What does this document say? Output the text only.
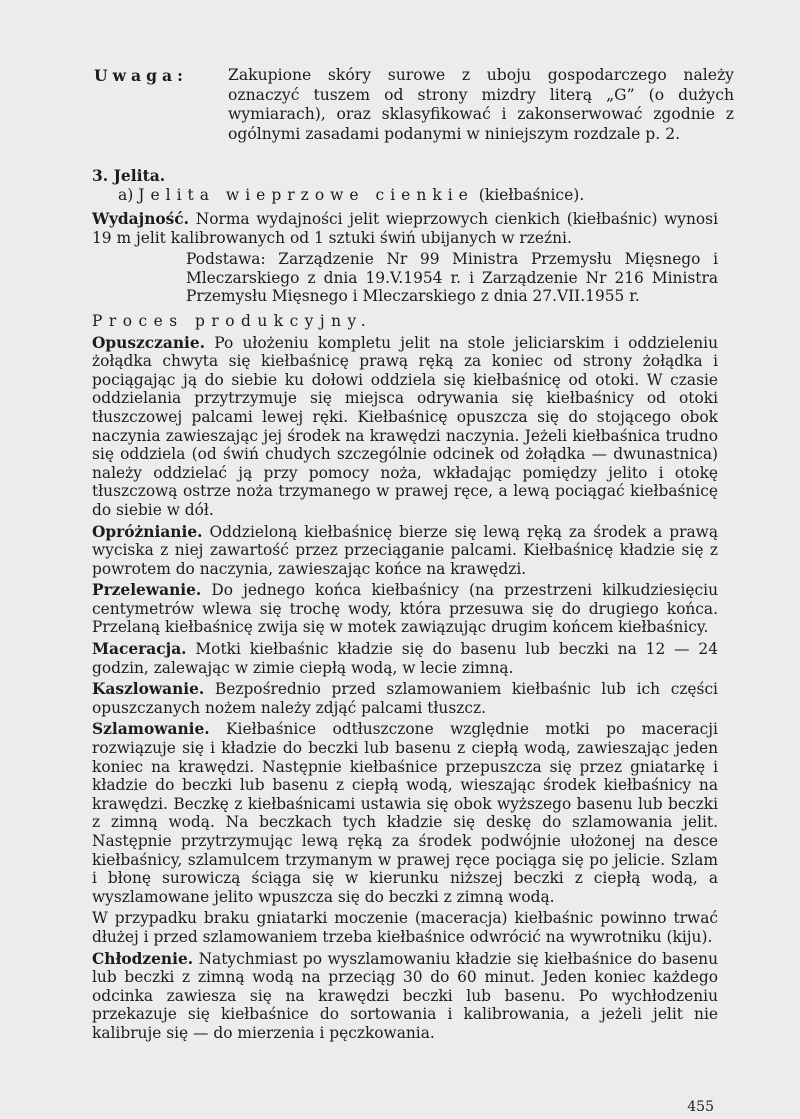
Uwaga:	Zakupione skóry surowe z uboju gospodarczego należy oznaczyć tuszem od strony mizdry literą „G” (o dużych wymiarach), oraz sklasyfikować i zakonserwować zgodnie z ogólnymi zasadami podanymi w niniejszym rozdzale p. 2.
3. Jelita.
a) Jelita wieprzowe cienkie (kiełbaśnice).

Wydajność. Norma wydajności jelit wieprzowych cienkich (kiełbaśnic) wynosi 19 m jelit kalibrowanych od 1 sztuki świń ubijanych w rzeźni.

Podstawa: Zarządzenie Nr 99 Ministra Przemysłu Mięsnego i Mleczarskiego z dnia 19.V.1954 r. i Zarządzenie Nr 216 Ministra Przemysłu Mięsnego i Mleczarskiego z dnia 27.VII.1955 r.

Proces produkcyjny.

Opuszczanie. Po ułożeniu kompletu jelit na stole jeliciarskim i oddzieleniu żołądka chwyta się kiełbaśnicę prawą ręką za koniec od strony żołądka i pociągając ją do siebie ku dołowi oddziela się kiełbaśnicę od otoki. W czasie oddzielania przytrzymuje się miejsca odrywania się kiełbaśnicy od otoki tłuszczowej palcami lewej ręki. Kiełbaśnicę opuszcza się do stojącego obok naczynia zawieszając jej środek na krawędzi naczynia. Jeżeli kiełbaśnica trudno się oddziela (od świń chudych szczególnie odcinek od żołądka — dwunastnica) należy oddzielać ją przy pomocy noża, wkładając pomiędzy jelito i otokę tłuszczową ostrze noża trzymanego w prawej ręce, a lewą pociągać kiełbaśnicę do siebie w dół.

Opróżnianie. Oddzieloną kiełbaśnicę bierze się lewą ręką za środek a prawą wyciska z niej zawartość przez przeciąganie palcami. Kiełbaśnicę kładzie się z powrotem do naczynia, zawieszając końce na krawędzi.

Przelewanie. Do jednego końca kiełbaśnicy (na przestrzeni kilkudziesięciu centymetrów wlewa się trochę wody, która przesuwa się do drugiego końca. Przelaną kiełbaśnicę zwija się w motek zawiązując drugim końcem kiełbaśnicy.

Maceracja. Motki kiełbaśnic kładzie się do basenu lub beczki na 12 — 24 godzin, zalewając w zimie ciepłą wodą, w lecie zimną.

Kaszlowanie. Bezpośrednio przed szlamowaniem kiełbaśnic lub ich części opuszczanych nożem należy zdjąć palcami tłuszcz.

Szlamowanie. Kiełbaśnice odtłuszczone względnie motki po maceracji rozwiązuje się i kładzie do beczki lub basenu z ciepłą wodą, zawieszając jeden koniec na krawędzi. Następnie kiełbaśnice przepuszcza się przez gniatarkę i kładzie do beczki lub basenu z ciepłą wodą, wieszając środek kiełbaśnicy na krawędzi. Beczkę z kiełbaśnicami ustawia się obok wyższego basenu lub beczki z zimną wodą. Na beczkach tych kładzie się deskę do szlamowania jelit. Następnie przytrzymując lewą ręką za środek podwójnie ułożonej na desce kiełbaśnicy, szlamulcem trzymanym w prawej ręce pociąga się po jelicie. Szlam i błonę surowiczą ściąga się w kierunku niższej beczki z ciepłą wodą, a wyszlamowane jelito wpuszcza się do beczki z zimną wodą.

W przypadku braku gniatarki moczenie (maceracja) kiełbaśnic powinno trwać dłużej i przed szlamowaniem trzeba kiełbaśnice odwrócić na wywrotniku (kiju).

Chłodzenie. Natychmiast po wyszlamowaniu kładzie się kiełbaśnice do basenu lub beczki z zimną wodą na przeciąg 30 do 60 minut. Jeden koniec każdego odcinka zawiesza się na krawędzi beczki lub basenu. Po wychłodzeniu przekazuje się kiełbaśnice do sortowania i kalibrowania, a jeżeli jelit nie kalibruje się — do mierzenia i pęczkowania.

455
